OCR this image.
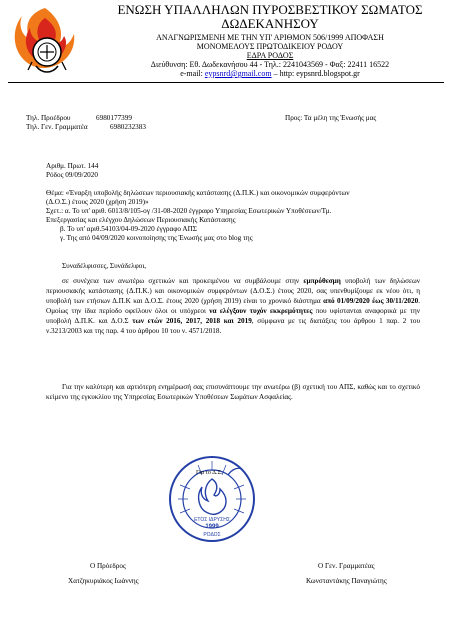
ΕΝΩΣΗ ΥΠΑΛΛΗΛΩΝ ΠΥΡΟΣΒΕΣΤΙΚΟΥ ΣΩΜΑΤΟΣ
ΔΩΔΕΚΑΝΗΣΟΥ
ΑΝΑΓΝΩΡΙΣΜΕΝΗ ΜΕ ΤΗΝ ΥΠ' ΑΡΙΘΜΟΝ 506/1999 ΑΠΟΦΑΣΗ
ΜΟΝΟΜΕΛΟΥΣ ΠΡΩΤΟΔΙΚΕΙΟΥ ΡΟΔΟΥ
ΕΔΡΑ ΡΟΔΟΣ
Διεύθυνση: Εθ. Δωδεκανήσου 44 - Τηλ.: 2241043569 - Φαξ: 22411 16522
e-mail: eypsnrd@gmail.com – http: eypsnrd.blogspot.gr
Τηλ. Προέδρου	6980177399
Τηλ. Γεν. Γραμματέα	6980232383
Προς: Τα μέλη της Ένωσής μας
Αριθμ. Πρωτ. 144
Ρόδος 09/09/2020
Θέμα: «Έναρξη υποβολής δηλώσεων περιουσιακής κατάστασης (Δ.Π.Κ.) και οικονομικών συμφερόντων
(Δ.Ο.Σ.) έτους 2020 (χρήση 2019)»
Σχετ.: α. Το υπ' αριθ. 6013/8/105-ογ /31-08-2020 έγγραφο Υπηρεσίας Εσωτερικών Υποθέσεων/Τμ.
Επεξεργασίας και ελέγχου Δηλώσεων Περιουσιακής Κατάστασης
β. Το υπ' αριθ.54103/04-09-2020 έγγραφο ΑΠΣ
γ. Της από 04/09/2020 κοινοποίησης της Ένωσής μας στο blog της
Συναδέλφισσες, Συνάδελφοι,
σε συνέχεια των ανωτέρω σχετικών και προκειμένου να συμβάλουμε στην εμπρόθεσμη υποβολή των δηλώσεων περιουσιακής κατάστασης (Δ.Π.Κ.) και οικονομικών συμφερόντων (Δ.Ο.Σ.) έτους 2020, σας υπενθυμίζουμε εκ νέου ότι, η υποβολή των ετήσιων Δ.Π.Κ και Δ.Ο.Σ. έτους 2020 (χρήση 2019) είναι το χρονικό διάστημα από 01/09/2020 έως 30/11/2020. Ομοίως την ίδια περίοδο οφείλουν όλοι οι υπόχρεοι να ελέγξουν τυχόν εκκρεμότητες που υφίστανται αναφορικά με την υποβολή Δ.Π.Κ. και Δ.Ο.Σ των ετών 2016, 2017, 2018 και 2019, σύμφωνα με τις διατάξεις του άρθρου 1 παρ. 2 του ν.3213/2003 και της παρ. 4 του άρθρου 10 του ν. 4571/2018.
Για την καλύτερη και αρτιότερη ενημέρωσή σας επισυνάπτουμε την ανωτέρω (β) σχετική του ΑΠΣ, καθώς και το σχετικό κείμενο της εγκυκλίου της Υπηρεσίας Εσωτερικών Υποθέσεων Σωμάτων Ασφαλείας.
ΕΤΟΣ ΙΔΡΥΣΗΣ
1999
ΡΟΔΟΣ
Για το Δ.Σ.
Ο Πρόεδρος
Χατζηκυριάκος Ιωάννης
Ο Γεν. Γραμματέας
Κωνσταντάκης Παναγιώτης
